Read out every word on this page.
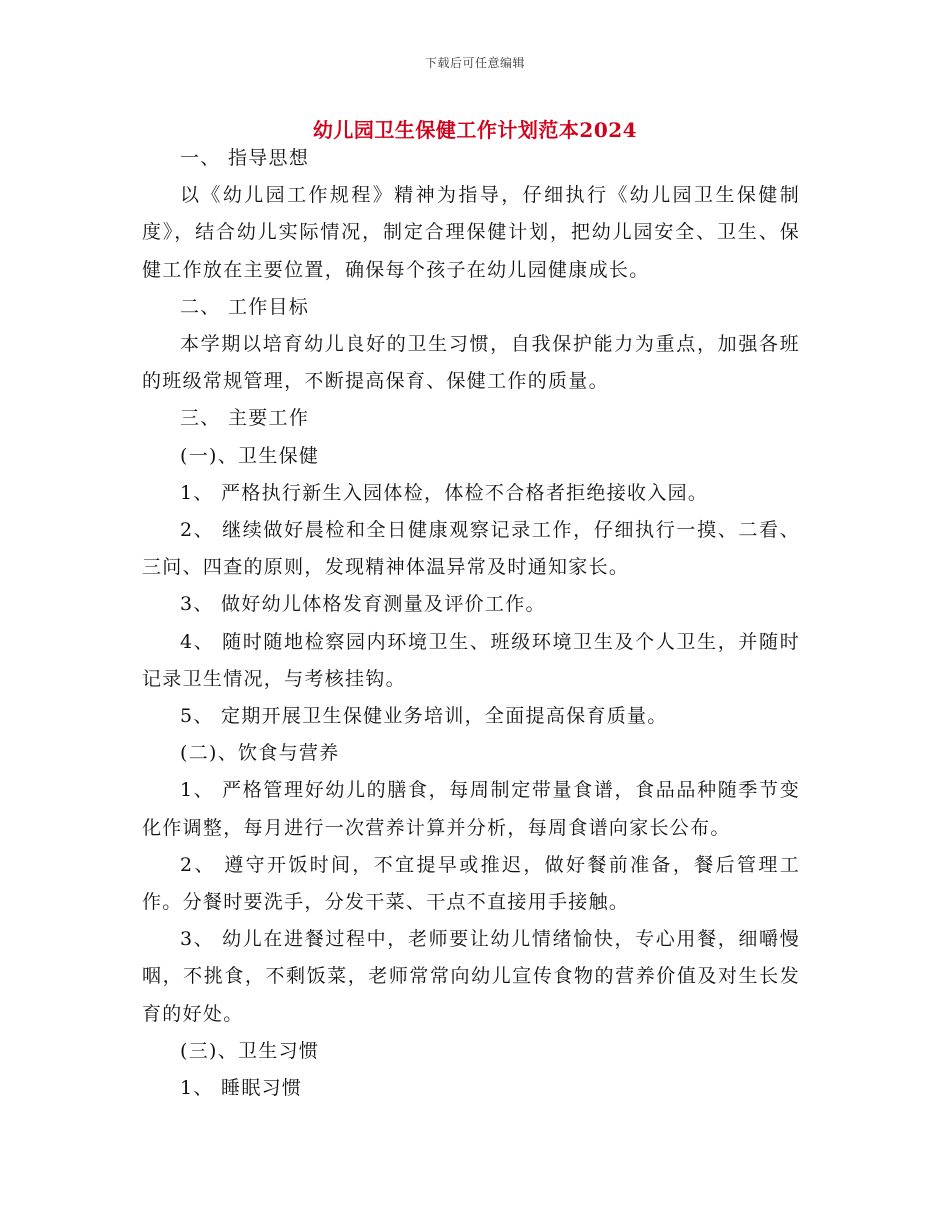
下载后可任意编辑
幼儿园卫生保健工作计划范本2024

一、 指导思想

以《幼儿园工作规程》精神为指导，仔细执行《幼儿园卫生保健制度》，结合幼儿实际情况，制定合理保健计划，把幼儿园安全、卫生、保健工作放在主要位置，确保每个孩子在幼儿园健康成长。

二、 工作目标

本学期以培育幼儿良好的卫生习惯，自我保护能力为重点，加强各班的班级常规管理，不断提高保育、保健工作的质量。

三、 主要工作

(一)、卫生保健

1、 严格执行新生入园体检，体检不合格者拒绝接收入园。

2、 继续做好晨检和全日健康观察记录工作，仔细执行一摸、二看、三问、四查的原则，发现精神体温异常及时通知家长。

3、 做好幼儿体格发育测量及评价工作。

4、 随时随地检察园内环境卫生、班级环境卫生及个人卫生，并随时记录卫生情况，与考核挂钩。

5、 定期开展卫生保健业务培训，全面提高保育质量。

(二)、饮食与营养

1、 严格管理好幼儿的膳食，每周制定带量食谱，食品品种随季节变化作调整，每月进行一次营养计算并分析，每周食谱向家长公布。

2、 遵守开饭时间，不宜提早或推迟，做好餐前准备，餐后管理工作。分餐时要洗手，分发干菜、干点不直接用手接触。

3、 幼儿在进餐过程中，老师要让幼儿情绪愉快，专心用餐，细嚼慢咽，不挑食，不剩饭菜，老师常常向幼儿宣传食物的营养价值及对生长发育的好处。

(三)、卫生习惯

1、 睡眠习惯
